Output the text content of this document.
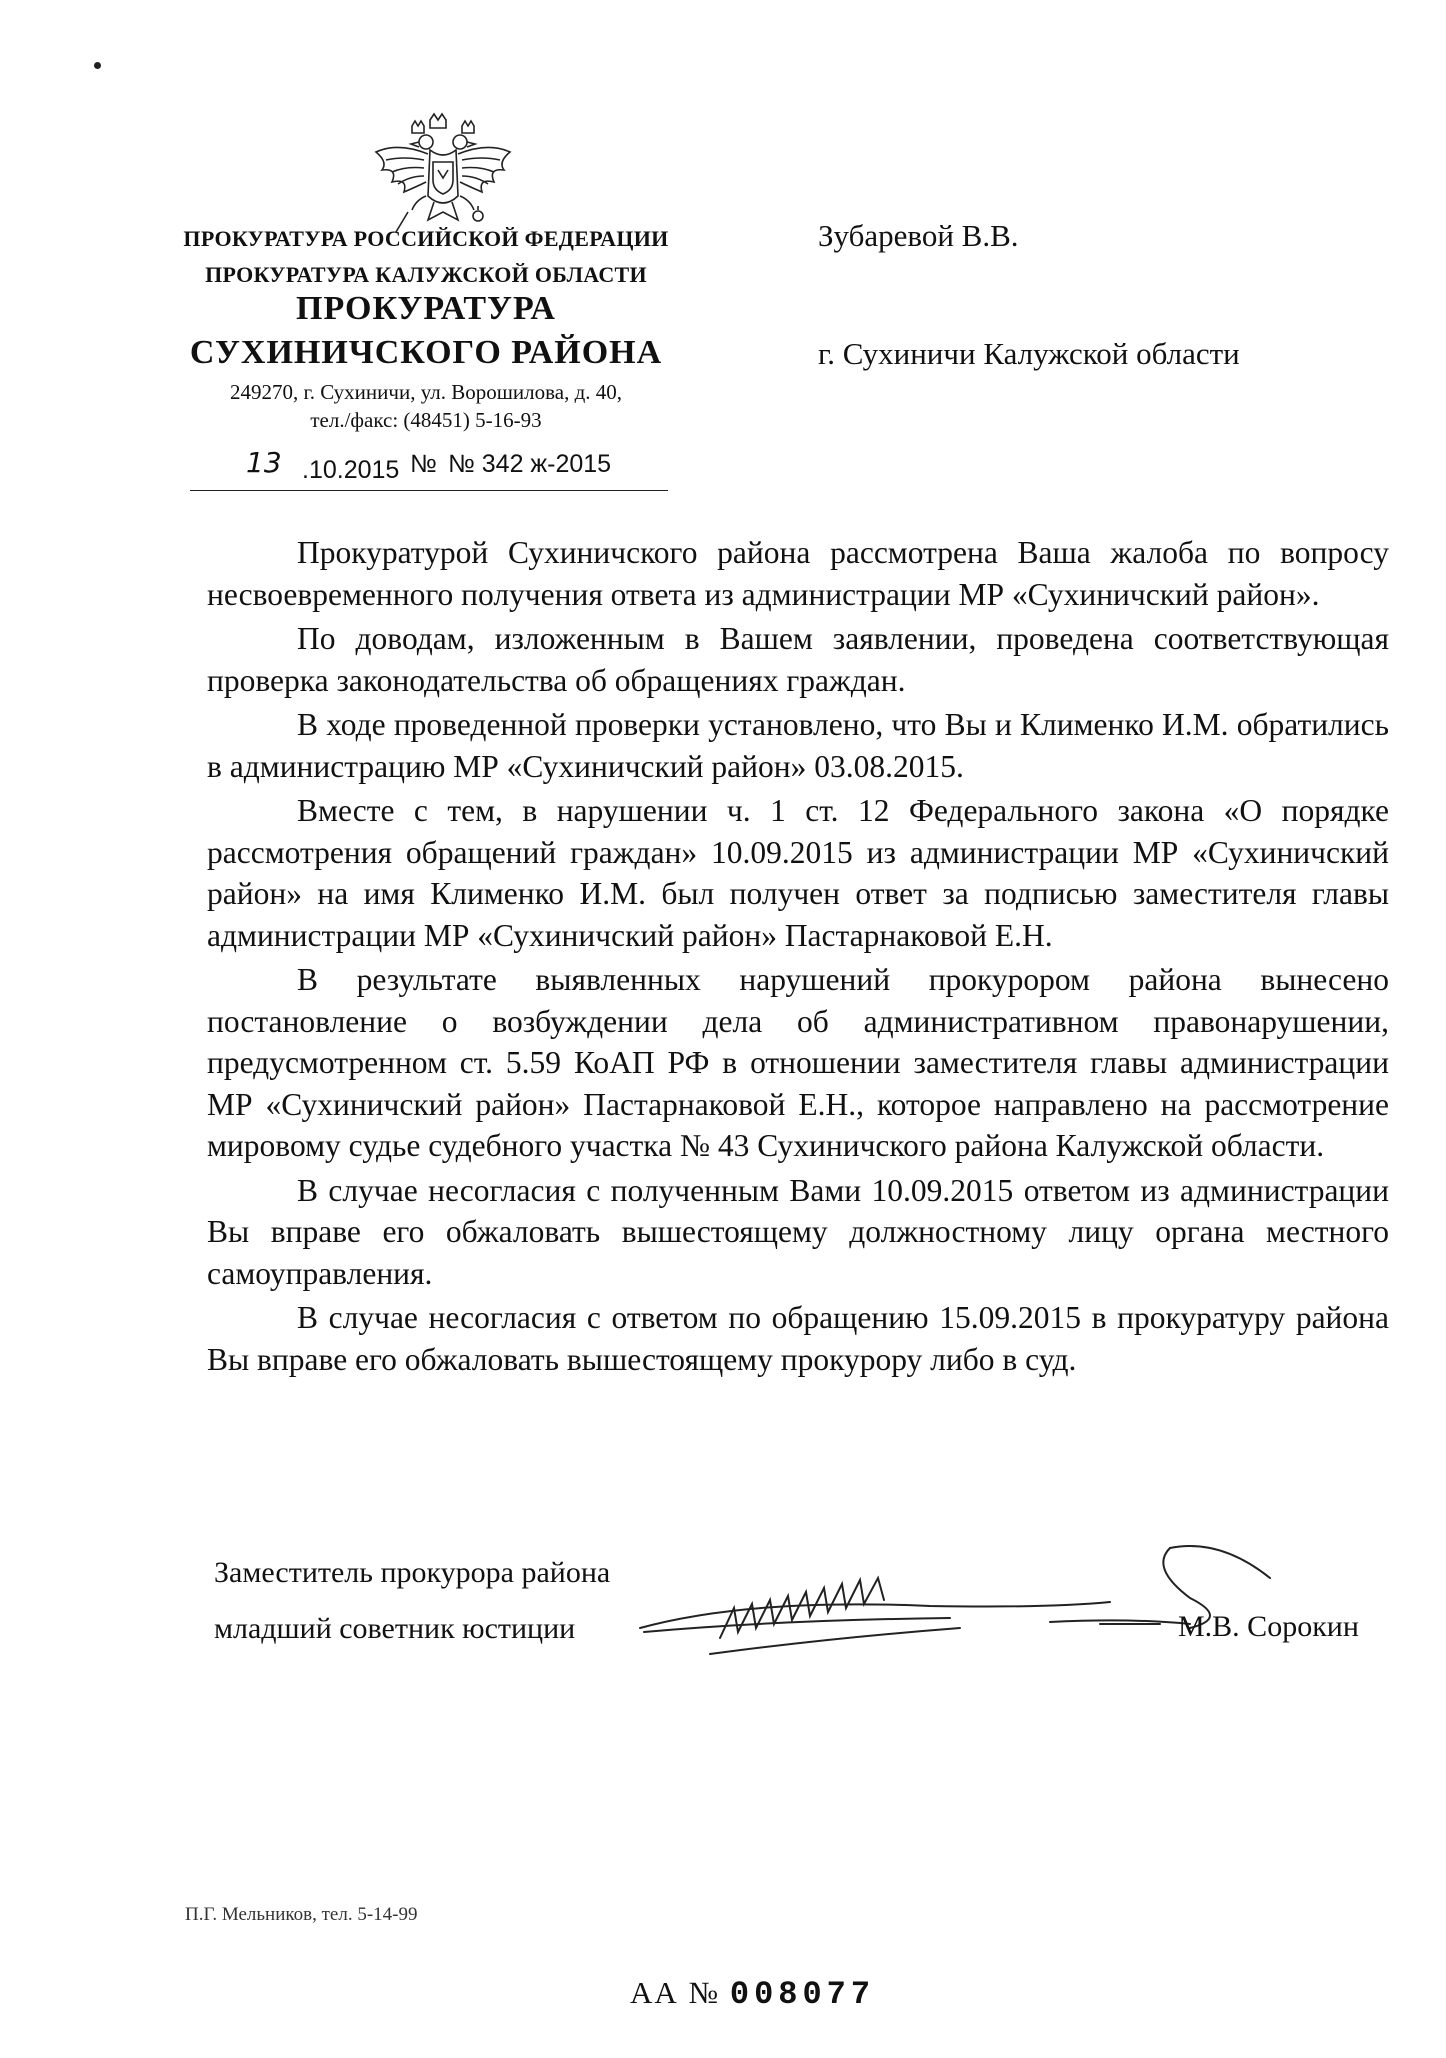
ПРОКУРАТУРА РОССИЙСКОЙ ФЕДЕРАЦИИ
ПРОКУРАТУРА КАЛУЖСКОЙ ОБЛАСТИ
ПРОКУРАТУРА
СУХИНИЧСКОГО РАЙОНА
249270, г. Сухиничи, ул. Ворошилова, д. 40,
тел./факс: (48451) 5-16-93
13 .10.2015 № № 342 ж-2015
Зубаревой В.В.
г. Сухиничи Калужской области

Прокуратурой Сухиничского района рассмотрена Ваша жалоба по вопросу несвоевременного получения ответа из администрации МР «Сухиничский район».

По доводам, изложенным в Вашем заявлении, проведена соответствующая проверка законодательства об обращениях граждан.

В ходе проведенной проверки установлено, что Вы и Клименко И.М. обратились в администрацию МР «Сухиничский район» 03.08.2015.

Вместе с тем, в нарушении ч. 1 ст. 12 Федерального закона «О порядке рассмотрения обращений граждан» 10.09.2015 из администрации МР «Сухиничский район» на имя Клименко И.М. был получен ответ за подписью заместителя главы администрации МР «Сухиничский район» Пастарнаковой Е.Н.

В результате выявленных нарушений прокурором района вынесено постановление о возбуждении дела об административном правонарушении, предусмотренном ст. 5.59 КоАП РФ в отношении заместителя главы администрации МР «Сухиничский район» Пастарнаковой Е.Н., которое направлено на рассмотрение мировому судье судебного участка № 43 Сухиничского района Калужской области.

В случае несогласия с полученным Вами 10.09.2015 ответом из администрации Вы вправе его обжаловать вышестоящему должностному лицу органа местного самоуправления.

В случае несогласия с ответом по обращению 15.09.2015 в прокуратуру района Вы вправе его обжаловать вышестоящему прокурору либо в суд.

Заместитель прокурора района
младший советник юстиции	М.В. Сорокин
П.Г. Мельников, тел. 5-14-99
АА № 008077
